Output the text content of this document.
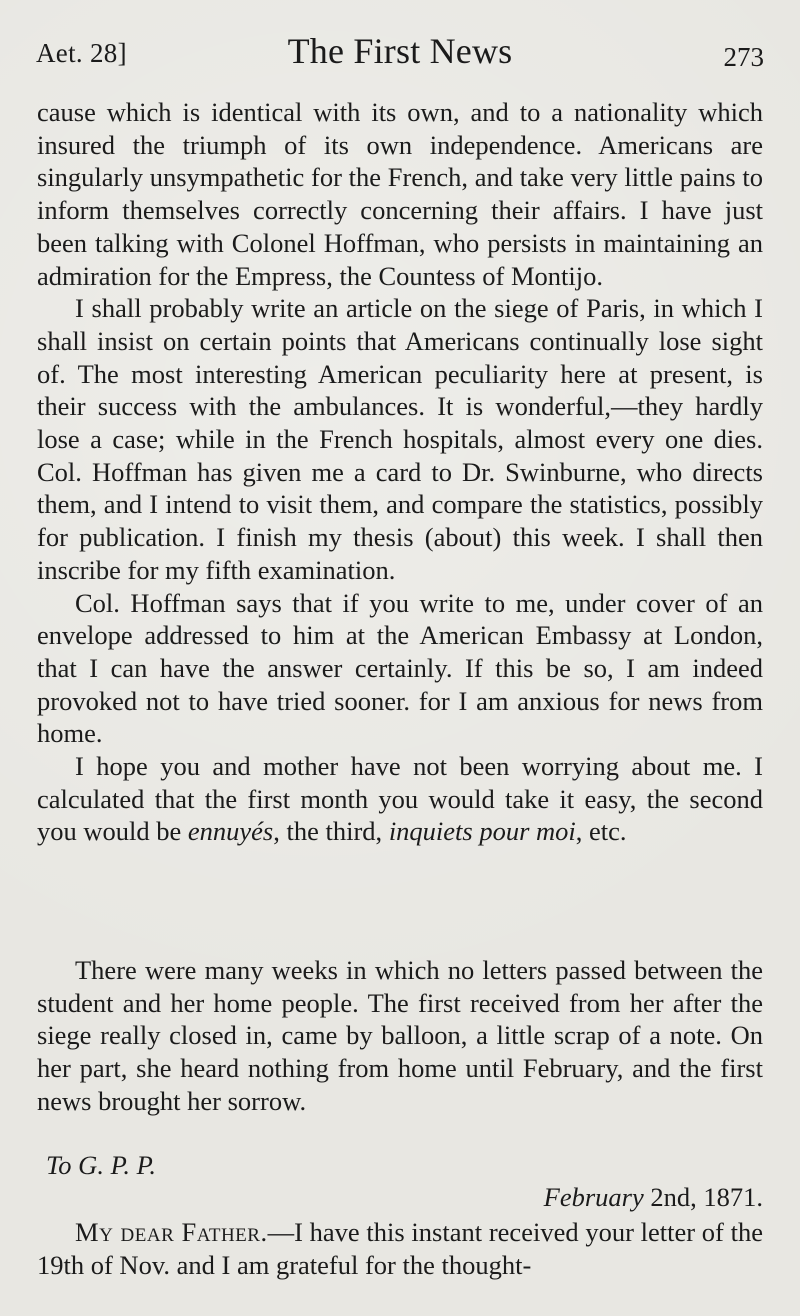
Aet. 28]	The First News	273

cause which is identical with its own, and to a nationality which insured the triumph of its own independence. Americans are singularly unsympathetic for the French, and take very little pains to inform themselves correctly concerning their affairs. I have just been talking with Colonel Hoffman, who persists in maintaining an admiration for the Empress, the Countess of Montijo.

I shall probably write an article on the siege of Paris, in which I shall insist on certain points that Americans continually lose sight of. The most interesting American peculiarity here at present, is their success with the ambulances. It is wonderful,—they hardly lose a case; while in the French hospitals, almost every one dies. Col. Hoffman has given me a card to Dr. Swinburne, who directs them, and I intend to visit them, and compare the statistics, possibly for publication. I finish my thesis (about) this week. I shall then inscribe for my fifth examination.

Col. Hoffman says that if you write to me, under cover of an envelope addressed to him at the American Embassy at London, that I can have the answer certainly. If this be so, I am indeed provoked not to have tried sooner. for I am anxious for news from home.

I hope you and mother have not been worrying about me. I calculated that the first month you would take it easy, the second you would be ennuyés, the third, inquiets pour moi, etc.

There were many weeks in which no letters passed between the student and her home people. The first received from her after the siege really closed in, came by balloon, a little scrap of a note. On her part, she heard nothing from home until February, and the first news brought her sorrow.

To G. P. P.
February 2nd, 1871.

My dear Father.—I have this instant received your letter of the 19th of Nov. and I am grateful for the thought-
